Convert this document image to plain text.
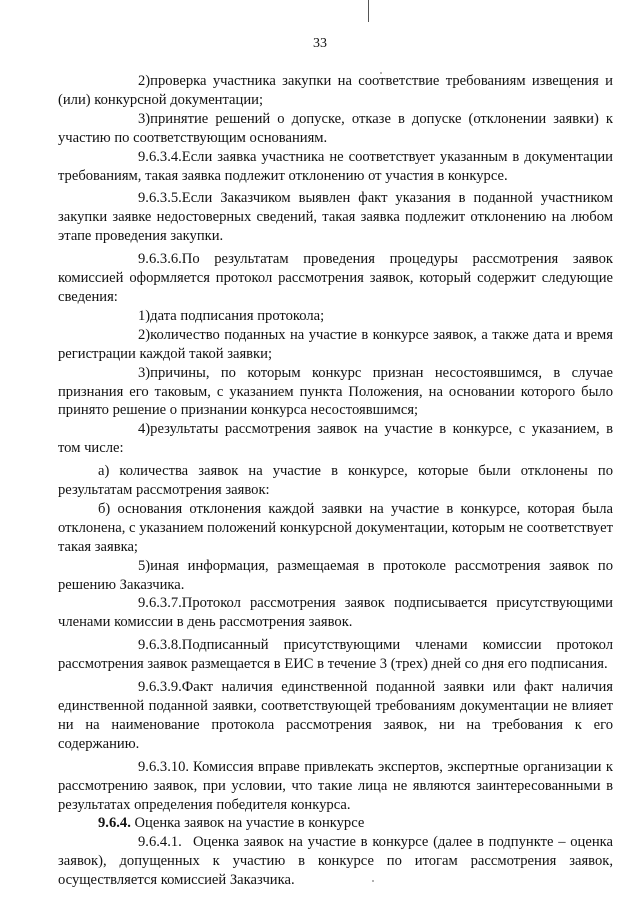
33

2)проверка участника закупки на соответствие требованиям извещения и (или) конкурсной документации;

3)принятие решений о допуске, отказе в допуске (отклонении заявки) к участию по соответствующим основаниям.

9.6.3.4.Если заявка участника не соответствует указанным в документации требованиям, такая заявка подлежит отклонению от участия в конкурсе.

9.6.3.5.Если Заказчиком выявлен факт указания в поданной участником закупки заявке недостоверных сведений, такая заявка подлежит отклонению на любом этапе проведения закупки.

9.6.3.6.По результатам проведения процедуры рассмотрения заявок комиссией оформляется протокол рассмотрения заявок, который содержит следующие сведения:

1)дата подписания протокола;

2)количество поданных на участие в конкурсе заявок, а также дата и время регистрации каждой такой заявки;

3)причины, по которым конкурс признан несостоявшимся, в случае признания его таковым, с указанием пункта Положения, на основании которого было принято решение о признании конкурса несостоявшимся;

4)результаты рассмотрения заявок на участие в конкурсе, с указанием, в том числе:

а) количества заявок на участие в конкурсе, которые были отклонены по результатам рассмотрения заявок:

б) основания отклонения каждой заявки на участие в конкурсе, которая была отклонена, с указанием положений конкурсной документации, которым не соответствует такая заявка;

5)иная информация, размещаемая в протоколе рассмотрения заявок по решению Заказчика.

9.6.3.7.Протокол рассмотрения заявок подписывается присутствующими членами комиссии в день рассмотрения заявок.

9.6.3.8.Подписанный присутствующими членами комиссии протокол рассмотрения заявок размещается в ЕИС в течение 3 (трех) дней со дня его подписания.

9.6.3.9.Факт наличия единственной поданной заявки или факт наличия единственной поданной заявки, соответствующей требованиям документации не влияет ни на наименование протокола рассмотрения заявок, ни на требования к его содержанию.

9.6.3.10. Комиссия вправе привлекать экспертов, экспертные организации к рассмотрению заявок, при условии, что такие лица не являются заинтересованными в результатах определения победителя конкурса.

9.6.4. Оценка заявок на участие в конкурсе

9.6.4.1. Оценка заявок на участие в конкурсе (далее в подпункте – оценка заявок), допущенных к участию в конкурсе по итогам рассмотрения заявок, осуществляется комиссией Заказчика.
